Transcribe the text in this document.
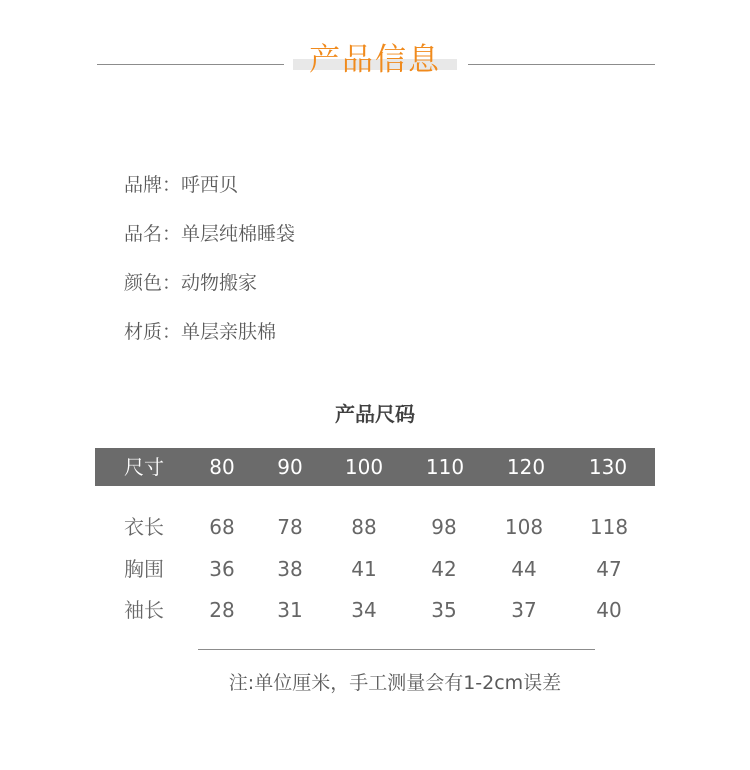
产品信息
品牌：呼西贝
品名：单层纯棉睡袋
颜色：动物搬家
材质：单层亲肤棉
产品尺码
尺寸 80 90 100 110 120 130
衣长 68 78 88	98 108 118
胸围 36 38 41	42	44	47
袖长 28 31 34	35	37	40
注:单位厘米，手工测量会有1-2cm误差
